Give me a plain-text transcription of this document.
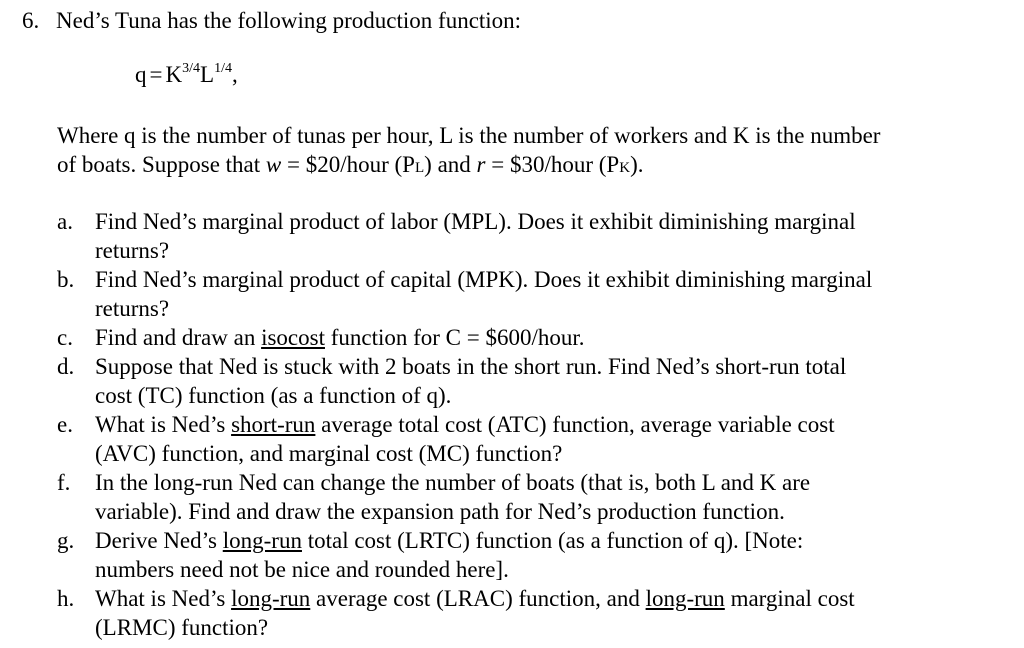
6. Ned’s Tuna has the following production function:
$q = K^{3/4}L^{1/4}$,
Where q is the number of tunas per hour, L is the number of workers and K is the number
of boats. Suppose that w = $20/hour (PL) and r = $30/hour (PK).
a. Find Ned’s marginal product of labor (MPL). Does it exhibit diminishing marginal
returns?
b. Find Ned’s marginal product of capital (MPK). Does it exhibit diminishing marginal
returns?
c. Find and draw an isocost function for C = $600/hour.
d. Suppose that Ned is stuck with 2 boats in the short run. Find Ned’s short-run total
cost (TC) function (as a function of q).
e. What is Ned’s short-run average total cost (ATC) function, average variable cost
(AVC) function, and marginal cost (MC) function?
f.	In the long-run Ned can change the number of boats (that is, both L and K are
variable). Find and draw the expansion path for Ned’s production function.
g. Derive Ned’s long-run total cost (LRTC) function (as a function of q). [Note:
numbers need not be nice and rounded here].
h. What is Ned’s long-run average cost (LRAC) function, and long-run marginal cost
(LRMC) function?
